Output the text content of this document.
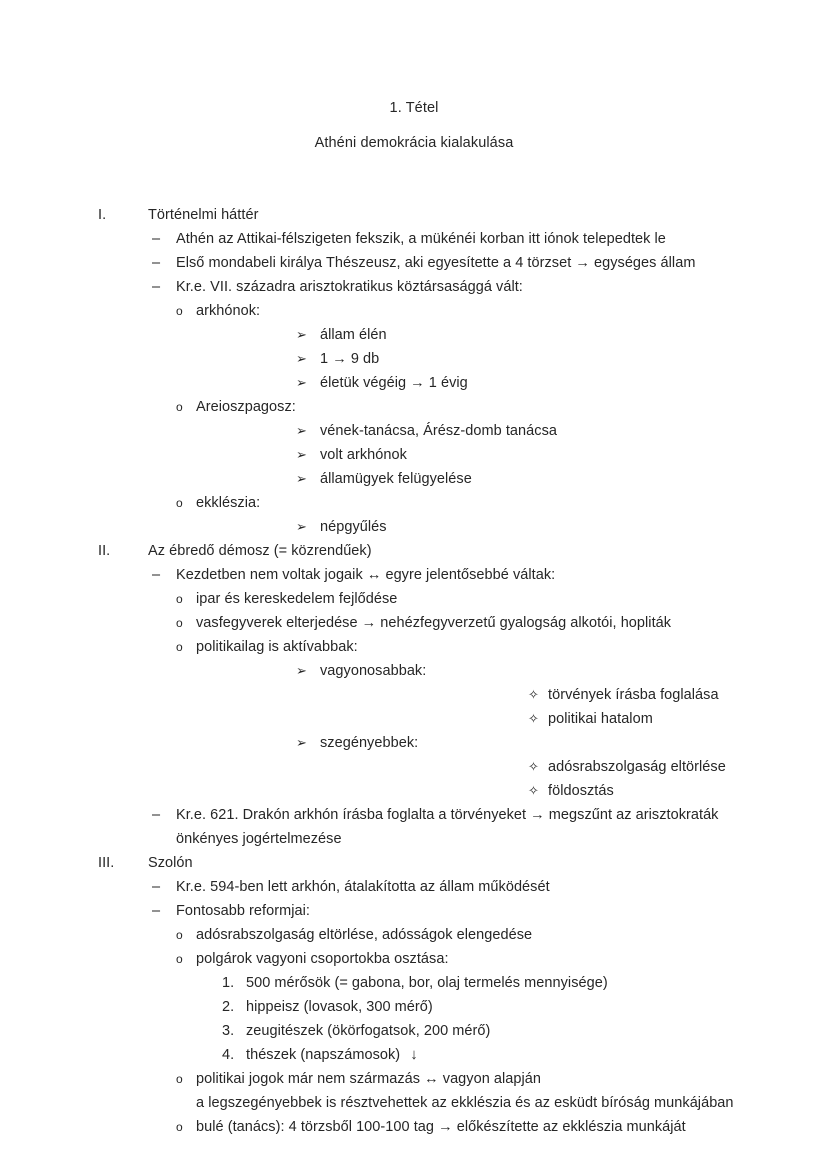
1. Tétel
Athéni demokrácia kialakulása
I.	Történelmi háttér
– Athén az Attikai-félszigeten fekszik, a mükénéi korban itt iónok telepedtek le
– Első mondabeli királya Thészeusz, aki egyesítette a 4 törzset → egységes állam
– Kr.e. VII. századra arisztokratikus köztársasággá vált:
o arkhónok:
➢ állam élén
➢ 1 → 9 db
➢ életük végéig → 1 évig
o Areioszpagosz:
➢ vének-tanácsa, Árész-domb tanácsa
➢ volt arkhónok
➢ államügyek felügyelése
o ekklészia:
➢ népgyűlés
II.	Az ébredő démosz (= közrendűek)
– Kezdetben nem voltak jogaik ↔ egyre jelentősebbé váltak:
o ipar és kereskedelem fejlődése
o vasfegyverek elterjedése → nehézfegyverzetű gyalogság alkotói, hopliták
o politikailag is aktívabbak:
➢ vagyonosabbak:
✧ törvények írásba foglalása
✧ politikai hatalom
➢ szegényebbek:
✧ adósrabszolgaság eltörlése
✧ földosztás
– Kr.e. 621. Drakón arkhón írásba foglalta a törvényeket → megszűnt az arisztokraták
önkényes jogértelmezése
III.	Szolón
– Kr.e. 594-ben lett arkhón, átalakította az állam működését
– Fontosabb reformjai:
o adósrabszolgaság eltörlése, adósságok elengedése
o polgárok vagyoni csoportokba osztása:
1. 500 mérősök (= gabona, bor, olaj termelés mennyisége)
2. hippeisz (lovasok, 300 mérő)
3. zeugitészek (ökörfogatsok, 200 mérő)
4. thészek (napszámosok)
o politikai jogok már nem származás ↔ vagyon alapján
a legszegényebbek is résztvehettek az ekklészia és az esküdt bíróság munkájában
o bulé (tanács): 4 törzsből 100-100 tag → előkészítette az ekklészia munkáját
↓
